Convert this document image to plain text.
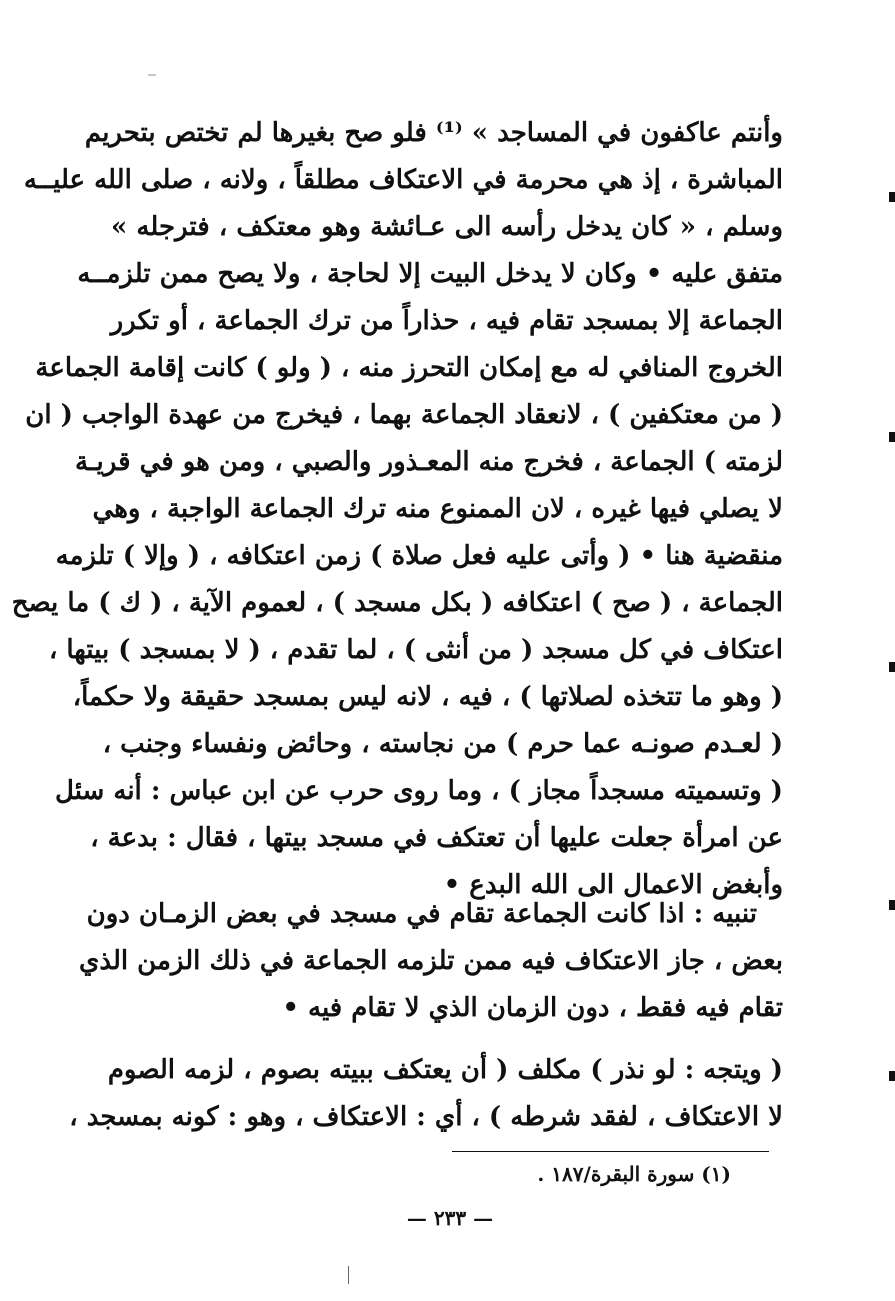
وأنتم عاكفون في المساجد » ⁽¹⁾ فلو صح بغيرها لم تختص بتحريم
المباشرة ، إذ هي محرمة في الاعتكاف مطلقاً ، ولانه ، صلى الله عليــه
وسلم ، « كان يدخل رأسه الى عـائشة وهو معتكف ، فترجله »
متفق عليه • وكان لا يدخل البيت إلا لحاجة ، ولا يصح ممن تلزمــه
الجماعة إلا بمسجد تقام فيه ، حذاراً من ترك الجماعة ، أو تكرر
الخروج المنافي له مع إمكان التحرز منه ، ( ولو ) كانت إقامة الجماعة
( من معتكفين ) ، لانعقاد الجماعة بهما ، فيخرج من عهدة الواجب ( ان
لزمته ) الجماعة ، فخرج منه المعـذور والصبي ، ومن هو في قريـة
لا يصلي فيها غيره ، لان الممنوع منه ترك الجماعة الواجبة ، وهي
منقضية هنا • ( وأتى عليه فعل صلاة ) زمن اعتكافه ، ( وإلا ) تلزمه
الجماعة ، ( صح ) اعتكافه ( بكل مسجد ) ، لعموم الآية ، ( ك ) ما يصح
اعتكاف في كل مسجد ( من أنثى ) ، لما تقدم ، ( لا بمسجد ) بيتها ،
( وهو ما تتخذه لصلاتها ) ، فيه ، لانه ليس بمسجد حقيقة ولا حكماً،
( لعـدم صونـه عما حرم ) من نجاسته ، وحائض ونفساء وجنب ،
( وتسميته مسجداً مجاز ) ، وما روى حرب عن ابن عباس : أنه سئل
عن امرأة جعلت عليها أن تعتكف في مسجد بيتها ، فقال : بدعة ،
وأبغض الاعمال الى الله البدع •
تنبيه : اذا كانت الجماعة تقام في مسجد في بعض الزمـان دون
بعض ، جاز الاعتكاف فيه ممن تلزمه الجماعة في ذلك الزمن الذي
تقام فيه فقط ، دون الزمان الذي لا تقام فيه •
( ويتجه : لو نذر ) مكلف ( أن يعتكف ببيته بصوم ، لزمه الصوم
لا الاعتكاف ، لفقد شرطه ) ، أي : الاعتكاف ، وهو : كونه بمسجد ،
(١) سورة البقرة/١٨٧ .
— ٢٣٣ —
